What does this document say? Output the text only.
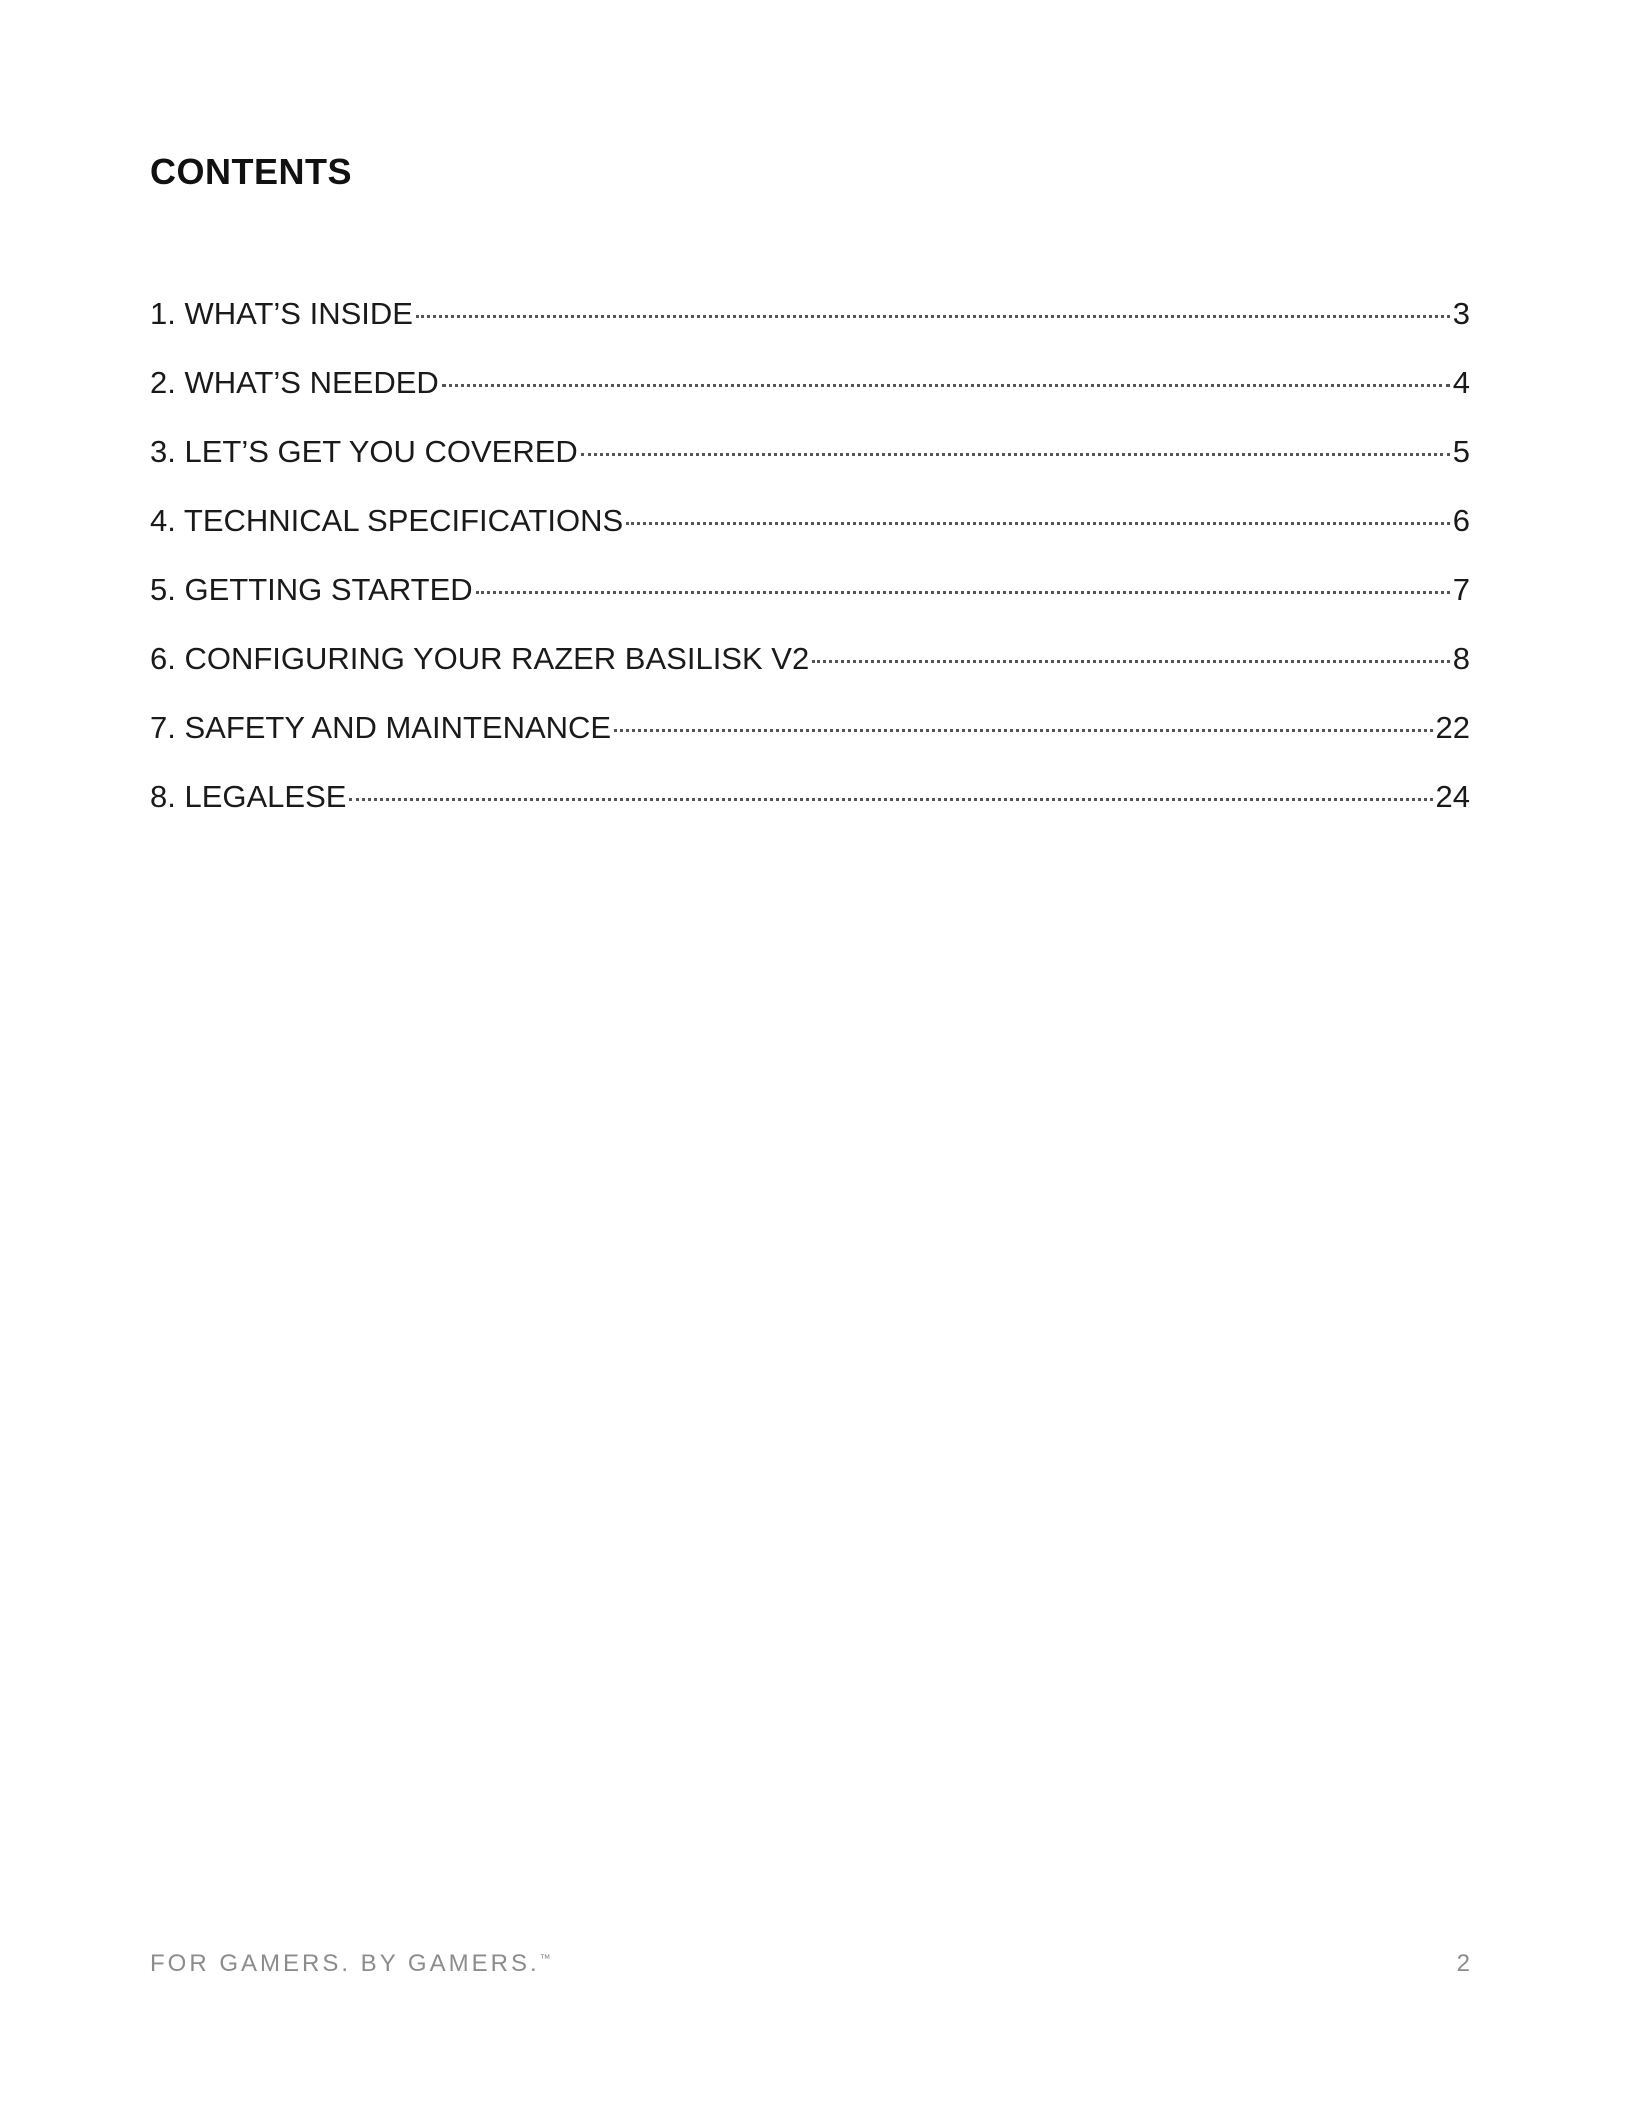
CONTENTS
1. WHAT’S INSIDE	3
2. WHAT’S NEEDED	4
3. LET’S GET YOU COVERED	5
4. TECHNICAL SPECIFICATIONS	6
5. GETTING STARTED	7
6. CONFIGURING YOUR RAZER BASILISK V2	8
7. SAFETY AND MAINTENANCE	22
8. LEGALESE	24
FOR GAMERS. BY GAMERS.™	2
